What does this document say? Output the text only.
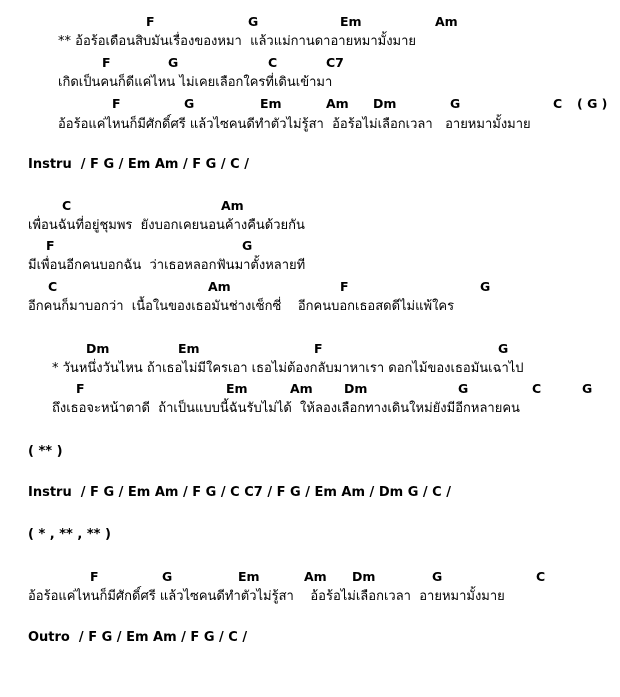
F

	G

	Em

	Am

** อ้อร้อเดือนสิบมันเรื่องของหมา  แล้วแม่กานดาอายหมามั้งมาย

F

	G

	C

	C7

เกิดเป็นคนก็ดีแค่ไหน ไม่เคยเลือกใครที่เดินเข้ามา

F

	G

	Em

	Am

Dm

	G

	C

( G )

อ้อร้อแค่ไหนก็มีศักดิ์ศรี แล้วไซคนดีทำตัวไม่รู้สา  อ้อร้อไม่เลือกเวลา   อายหมามั้งมาย
Instru  / F G / Em Am / F G / C /

C

	Am

เพื่อนฉันที่อยู่ชุมพร  ยังบอกเคยนอนค้างคืนด้วยกัน

F

	G

มีเพื่อนอีกคนบอกฉัน  ว่าเธอหลอกฟันมาตั้งหลายที

C

	Am

	F

	G

อีกคนก็มาบอกว่า  เนื้อในของเธอมันช่างเซ็กซี่    อีกคนบอกเธอสดดีไม่แพ้ใคร

Dm

	Em

	F

	G

* วันหนึ่งวันไหน ถ้าเธอไม่มีใครเอา เธอไม่ต้องกลับมาหาเรา ดอกไม้ของเธอมันเฉาไป

F

	Em

	Am

	Dm

	G

	C

	G

ถึงเธอจะหน้าตาดี  ถ้าเป็นแบบนี้ฉันรับไม่ได้  ให้ลองเลือกทางเดินใหม่ยังมีอีกหลายคน
( ** )
Instru  / F G / Em Am / F G / C C7 / F G / Em Am / Dm G / C /
( * , ** , ** )

F

	G

	Em

	Am

Dm

	G

	C

อ้อร้อแค่ไหนก็มีศักดิ์ศรี แล้วไซคนดีทำตัวไม่รู้สา    อ้อร้อไม่เลือกเวลา  อายหมามั้งมาย
Outro  / F G / Em Am / F G / C /
